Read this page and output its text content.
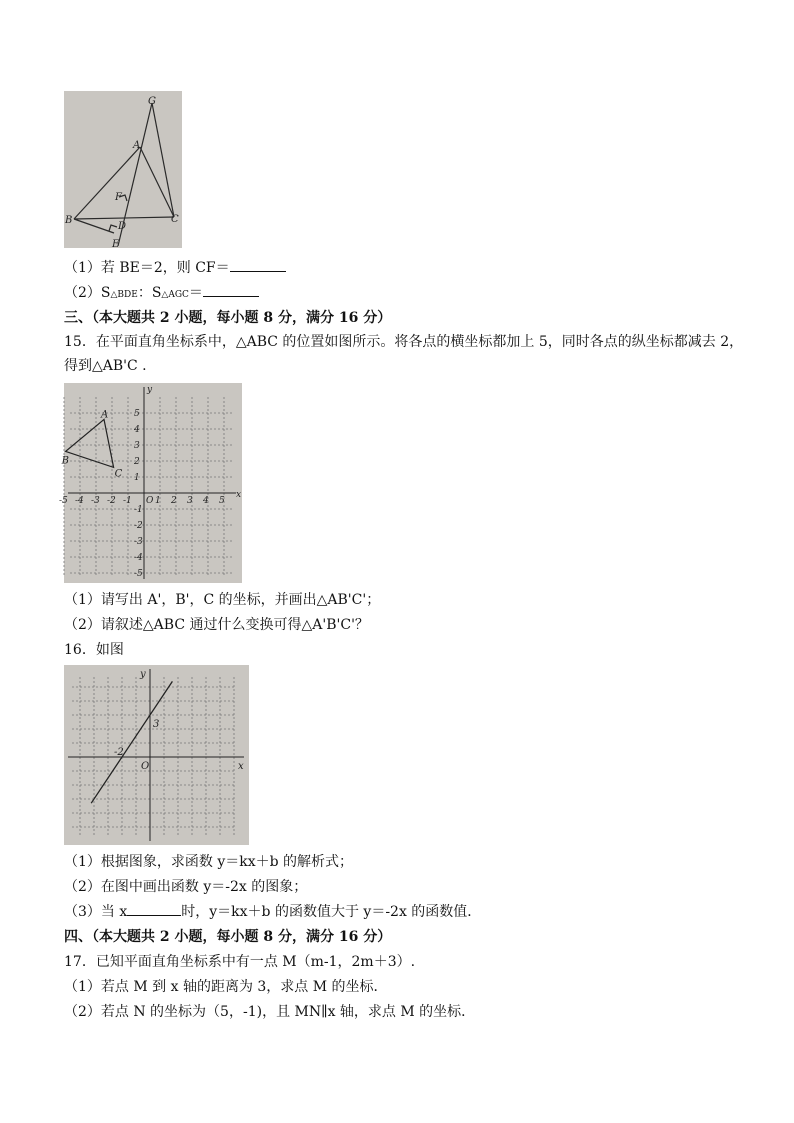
G
A
F
B
D
C
E
（1）若 BE＝2，则 CF＝
（2）S△BDE：S△AGC＝
三、（本大题共 2 小题，每小题 8 分，满分 16 分）
15．在平面直角坐标系中，△ABC 的位置如图所示。将各点的横坐标都加上 5，同时各点的纵坐标都减去 2，
得到△AB'C .
x
y
O
-5 -4 -3 -2 -1	1 2 3 4 5
5
4
3
2
1
-1
-2
-3
-4
-5
A
B
C
（1）请写出 A'，B'，C 的坐标，并画出△AB'C'；
（2）请叙述△ABC 通过什么变换可得△A'B'C'？
16．如图
x
y
O
-2
3
（1）根据图象，求函数 y＝kx＋b 的解析式；
（2）在图中画出函数 y＝-2x 的图象；
（3）当 x	时，y＝kx＋b 的函数值大于 y＝-2x 的函数值．
四、（本大题共 2 小题，每小题 8 分，满分 16 分）
17．已知平面直角坐标系中有一点 M（m-1，2m＋3）.
（1）若点 M 到 x 轴的距离为 3，求点 M 的坐标．
（2）若点 N 的坐标为（5，-1)，且 MN∥x 轴，求点 M 的坐标．
